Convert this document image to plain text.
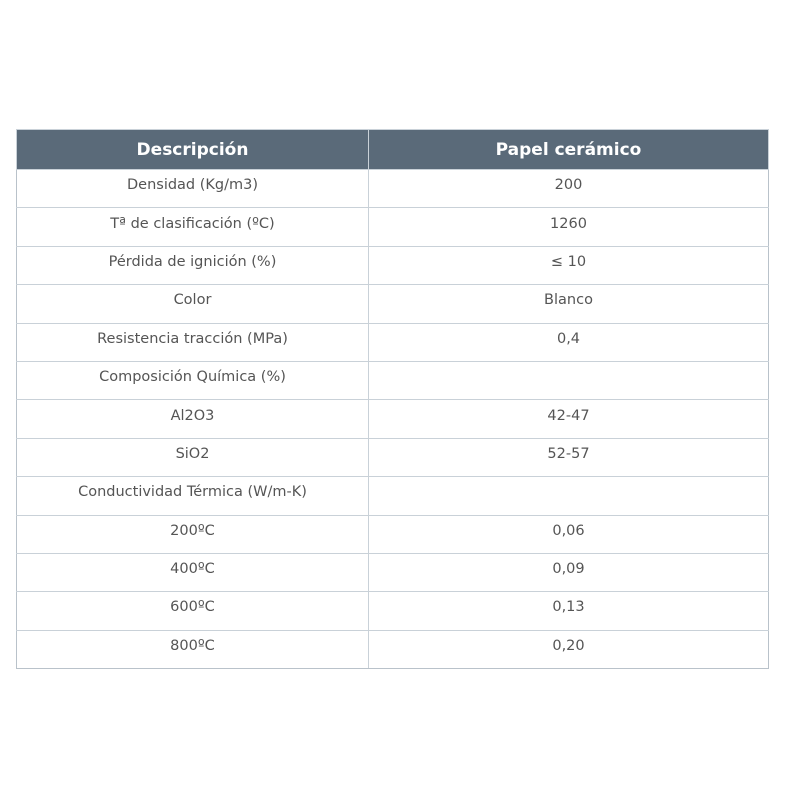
Descripción	Papel cerámico
Densidad (Kg/m3)	200
Tª de clasificación (ºC)	1260
Pérdida de ignición (%)	≤ 10
Color	Blanco
Resistencia tracción (MPa)	0,4
Composición Química (%)	
Al2O3	42-47
SiO2	52-57
Conductividad Térmica (W/m-K)	
200ºC	0,06
400ºC	0,09
600ºC	0,13
800ºC	0,20
